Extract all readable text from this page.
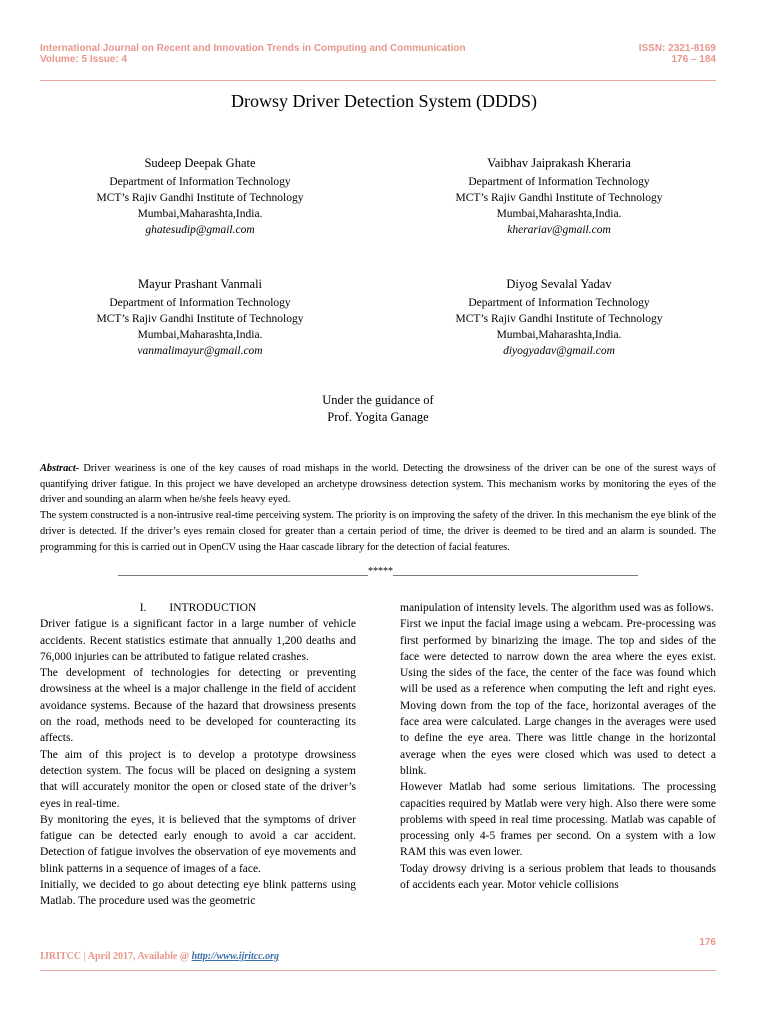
International Journal on Recent and Innovation Trends in Computing and Communication
Volume: 5 Issue: 4
ISSN: 2321-8169
176 – 184
Drowsy Driver Detection System (DDDS)
Sudeep Deepak Ghate
Department of Information Technology
MCT’s Rajiv Gandhi Institute of Technology
Mumbai,Maharashta,India.
ghatesudip@gmail.com
Vaibhav Jaiprakash Kheraria
Department of Information Technology
MCT’s Rajiv Gandhi Institute of Technology
Mumbai,Maharashta,India.
kherariav@gmail.com
Mayur Prashant Vanmali
Department of Information Technology
MCT’s Rajiv Gandhi Institute of Technology
Mumbai,Maharashta,India.
vanmalimayur@gmail.com
Diyog Sevalal Yadav
Department of Information Technology
MCT’s Rajiv Gandhi Institute of Technology
Mumbai,Maharashta,India.
diyogyadav@gmail.com
Under the guidance of
Prof. Yogita Ganage
Abstract- Driver weariness is one of the key causes of road mishaps in the world. Detecting the drowsiness of the driver can be one of the surest ways of quantifying driver fatigue. In this project we have developed an archetype drowsiness detection system. This mechanism works by monitoring the eyes of the driver and sounding an alarm when he/she feels heavy eyed.
The system constructed is a non-intrusive real-time perceiving system. The priority is on improving the safety of the driver. In this mechanism the eye blink of the driver is detected. If the driver’s eyes remain closed for greater than a certain period of time, the driver is deemed to be tired and an alarm is sounded. The programming for this is carried out in OpenCV using the Haar cascade library for the detection of facial features.
__________________________________________________*****_________________________________________________

I.        INTRODUCTION

Driver fatigue is a significant factor in a large number of vehicle accidents. Recent statistics estimate that annually 1,200 deaths and 76,000 injuries can be attributed to fatigue related crashes.

The development of technologies for detecting or preventing drowsiness at the wheel is a major challenge in the field of accident avoidance systems. Because of the hazard that drowsiness presents on the road, methods need to be developed for counteracting its affects.

The aim of this project is to develop a prototype drowsiness detection system. The focus will be placed on designing a system that will accurately monitor the open or closed state of the driver’s eyes in real-time.

By monitoring the eyes, it is believed that the symptoms of driver fatigue can be detected early enough to avoid a car accident. Detection of fatigue involves the observation of eye movements and blink patterns in a sequence of images of a face.

Initially, we decided to go about detecting eye blink patterns using Matlab. The procedure used was the geometric

manipulation of intensity levels. The algorithm used was as follows.

First we input the facial image using a webcam. Pre-processing was first performed by binarizing the image. The top and sides of the face were detected to narrow down the area where the eyes exist. Using the sides of the face, the center of the face was found which will be used as a reference when computing the left and right eyes. Moving down from the top of the face, horizontal averages of the face area were calculated. Large changes in the averages were used to define the eye area. There was little change in the horizontal average when the eyes were closed which was used to detect a blink.

However Matlab had some serious limitations. The processing capacities required by Matlab were very high. Also there were some problems with speed in real time processing. Matlab was capable of processing only 4-5 frames per second. On a system with a low RAM this was even lower.

Today drowsy driving is a serious problem that leads to thousands of accidents each year. Motor vehicle collisions

176
IJRITCC | April 2017, Available @ http://www.ijritcc.org
